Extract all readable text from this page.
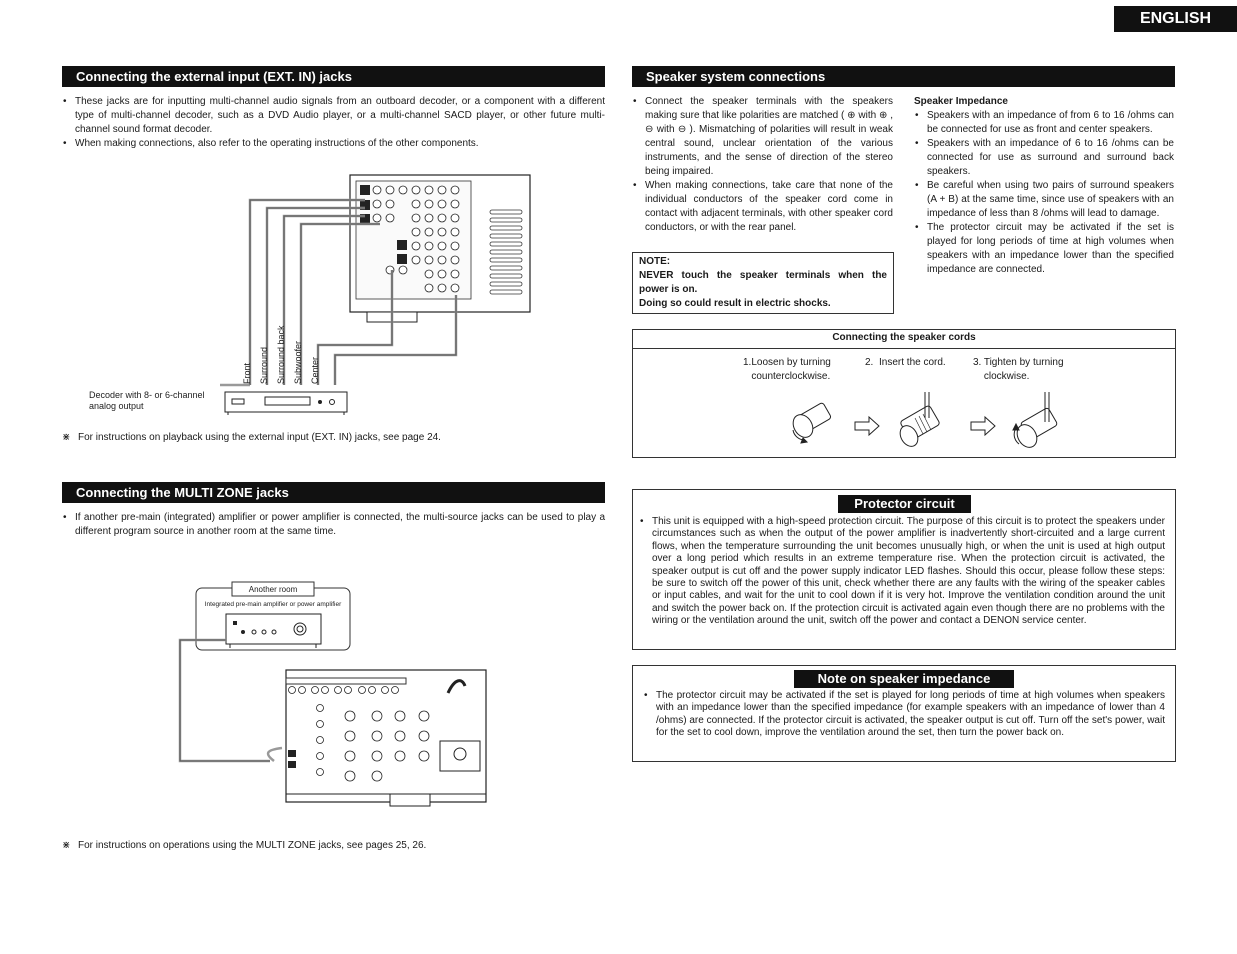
ENGLISH
Connecting the external input (EXT. IN) jacks
• These jacks are for inputting multi-channel audio signals from an outboard decoder, or a component with a different type of multi-channel decoder, such as a DVD Audio player, or a multi-channel SACD player, or other future multi-channel sound format decoder.
• When making connections, also refer to the operating instructions of the other components.
Front Surround Surround back Subwoofer Center
Decoder with 8- or 6-channel
analog output
⋇ For instructions on playback using the external input (EXT. IN) jacks, see page 24.
Connecting the MULTI ZONE jacks
• If another pre-main (integrated) amplifier or power amplifier is connected, the multi-source jacks can be used to play a different program source in another room at the same time.
Another room
Integrated pre-main amplifier or power amplifier
⋇ For instructions on operations using the MULTI ZONE jacks, see pages 25, 26.
Speaker system connections
• Connect the speaker terminals with the speakers making sure that like polarities are matched ( ⊕ with ⊕ , ⊖ with ⊖ ). Mismatching of polarities will result in weak central sound, unclear orientation of the various instruments, and the sense of direction of the stereo being impaired.
• When making connections, take care that none of the individual conductors of the speaker cord come in contact with adjacent terminals, with other speaker cord conductors, or with the rear panel.
NOTE:
NEVER touch the speaker terminals when the power is on.
Doing so could result in electric shocks.
Speaker Impedance
• Speakers with an impedance of from 6 to 16 /ohms can be connected for use as front and center speakers.
• Speakers with an impedance of 6 to 16 /ohms can be connected for use as surround and surround back speakers.
• Be careful when using two pairs of surround speakers (A + B) at the same time, since use of speakers with an impedance of less than 8 /ohms will lead to damage.
• The protector circuit may be activated if the set is played for long periods of time at high volumes when speakers with an impedance lower than the specified impedance are connected.
Connecting the speaker cords
1. Loosen by turning counterclockwise.
2. Insert the cord.	3. Tighten by turning clockwise.
Protector circuit
• This unit is equipped with a high-speed protection circuit. The purpose of this circuit is to protect the speakers under circumstances such as when the output of the power amplifier is inadvertently short-circuited and a large current flows, when the temperature surrounding the unit becomes unusually high, or when the unit is used at high output over a long period which results in an extreme temperature rise. When the protection circuit is activated, the speaker output is cut off and the power supply indicator LED flashes. Should this occur, please follow these steps: be sure to switch off the power of this unit, check whether there are any faults with the wiring of the speaker cables or input cables, and wait for the unit to cool down if it is very hot. Improve the ventilation condition around the unit and switch the power back on. If the protection circuit is activated again even though there are no problems with the wiring or the ventilation around the unit, switch off the power and contact a DENON service center.
Note on speaker impedance
• The protector circuit may be activated if the set is played for long periods of time at high volumes when speakers with an impedance lower than the specified impedance (for example speakers with an impedance of lower than 4 /ohms) are connected. If the protector circuit is activated, the speaker output is cut off. Turn off the set's power, wait for the set to cool down, improve the ventilation around the set, then turn the power back on.
